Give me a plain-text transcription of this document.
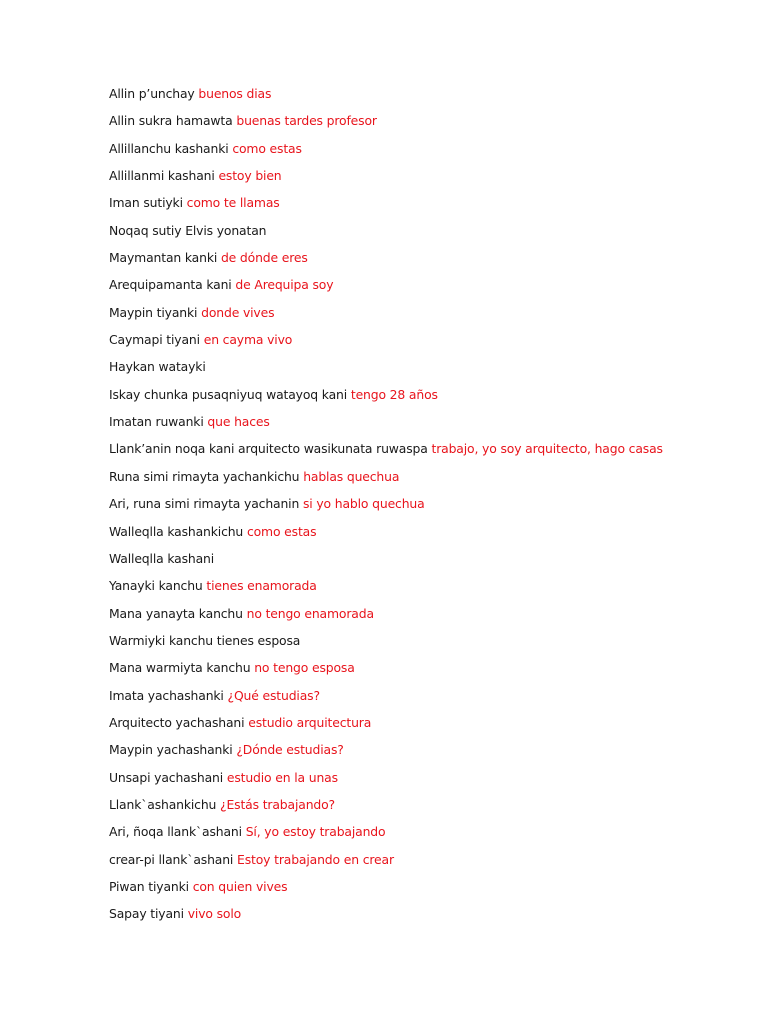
Allin p’unchay buenos dias
Allin sukra hamawta buenas tardes profesor
Allillanchu kashanki como estas
Allillanmi kashani estoy bien
Iman sutiyki como te llamas
Noqaq sutiy Elvis yonatan
Maymantan kanki de dónde eres
Arequipamanta kani de Arequipa soy
Maypin tiyanki donde vives
Caymapi tiyani en cayma vivo
Haykan watayki
Iskay chunka pusaqniyuq watayoq kani tengo 28 años
Imatan ruwanki que haces
Llank’anin noqa kani arquitecto wasikunata ruwaspa trabajo, yo soy arquitecto, hago casas
Runa simi rimayta yachankichu hablas quechua
Ari, runa simi rimayta yachanin si yo hablo quechua
Walleqlla kashankichu como estas
Walleqlla kashani
Yanayki kanchu tienes enamorada
Mana yanayta kanchu no tengo enamorada
Warmiyki kanchu tienes esposa
Mana warmiyta kanchu no tengo esposa
Imata yachashanki ¿Qué estudias?
Arquitecto yachashani estudio arquitectura
Maypin yachashanki ¿Dónde estudias?
Unsapi yachashani estudio en la unas
Llank`ashankichu ¿Estás trabajando?
Ari, ñoqa llank`ashani Sí, yo estoy trabajando
crear-pi llank`ashani Estoy trabajando en crear
Piwan tiyanki con quien vives
Sapay tiyani vivo solo
